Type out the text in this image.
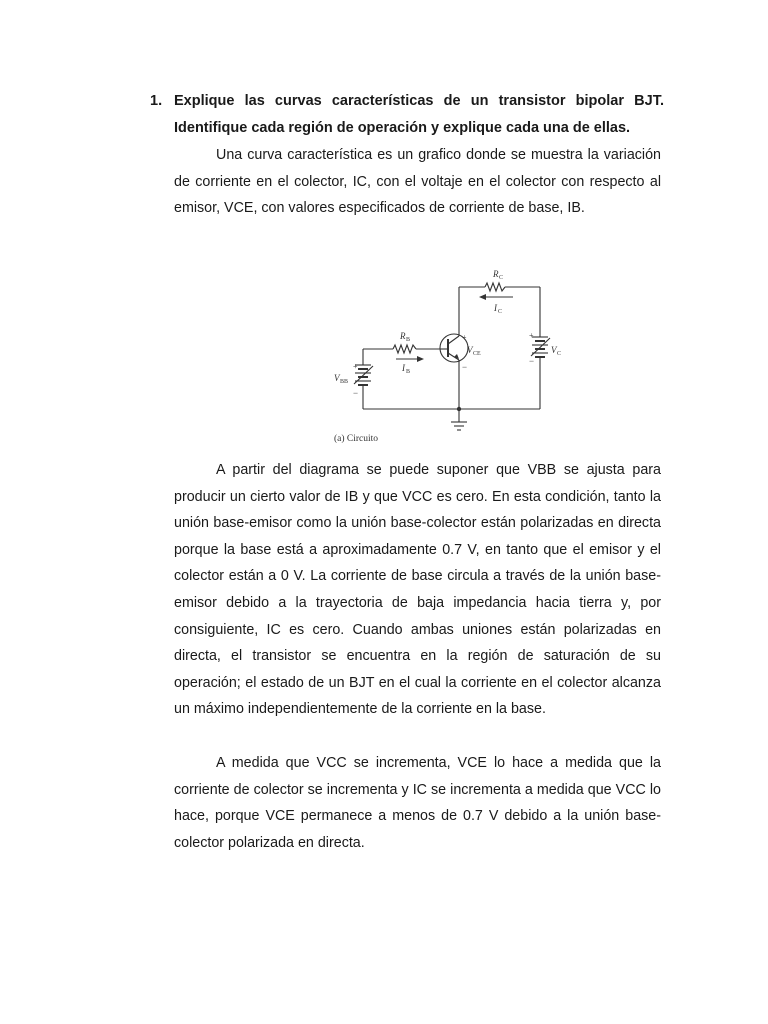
1. Explique las curvas características de un transistor bipolar BJT.
Identifique cada región de operación y explique cada una de ellas.

Una curva característica es un grafico donde se muestra la variación de corriente en el colector, IC, con el voltaje en el colector con respecto al emisor, VCE, con valores especificados de corriente de base, IB.

R C
I C
R B
I B
V BB
V CE	V C
+
−
+
−
+
−
(a) Circuito

A partir del diagrama se puede suponer que VBB se ajusta para producir un cierto valor de IB y que VCC es cero. En esta condición, tanto la unión base-emisor como la unión base-colector están polarizadas en directa porque la base está a aproximadamente 0.7 V, en tanto que el emisor y el colector están a 0 V. La corriente de base circula a través de la unión base-emisor debido a la trayectoria de baja impedancia hacia tierra y, por consiguiente, IC es cero. Cuando ambas uniones están polarizadas en directa, el transistor se encuentra en la región de saturación de su operación; el estado de un BJT en el cual la corriente en el colector alcanza un máximo independientemente de la corriente en la base.

A medida que VCC se incrementa, VCE lo hace a medida que la corriente de colector se incrementa y IC se incrementa a medida que VCC lo hace, porque VCE permanece a menos de 0.7 V debido a la unión base-colector polarizada en directa.
